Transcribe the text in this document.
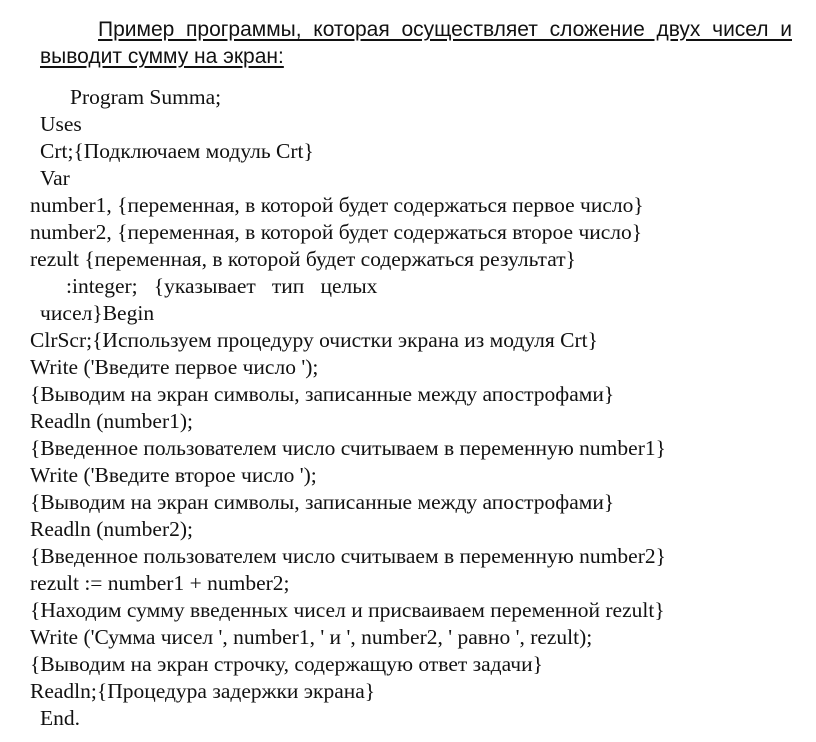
Пример программы, которая осуществляет сложение двух чисел и
выводит сумму на экран:
Program Summa;
Uses
Crt;{Подключаем модуль Crt}
Var
number1, {переменная, в которой будет содержаться первое число}
number2, {переменная, в которой будет содержаться второе число}
rezult {переменная, в которой будет содержаться результат}
:integer;   {указывает   тип   целых
чисел}Begin
ClrScr;{Используем процедуру очистки экрана из модуля Crt}
Write ('Введите первое число ');
{Выводим на экран символы, записанные между апострофами}
Readln (number1);
{Введенное пользователем число считываем в переменную number1}
Write ('Введите второе число ');
{Выводим на экран символы, записанные между апострофами}
Readln (number2);
{Введенное пользователем число считываем в переменную number2}
rezult := number1 + number2;
{Находим сумму введенных чисел и присваиваем переменной rezult}
Write ('Сумма чисел ', number1, ' и ', number2, ' равно ', rezult);
{Выводим на экран строчку, содержащую ответ задачи}
Readln;{Процедура задержки экрана}
End.
